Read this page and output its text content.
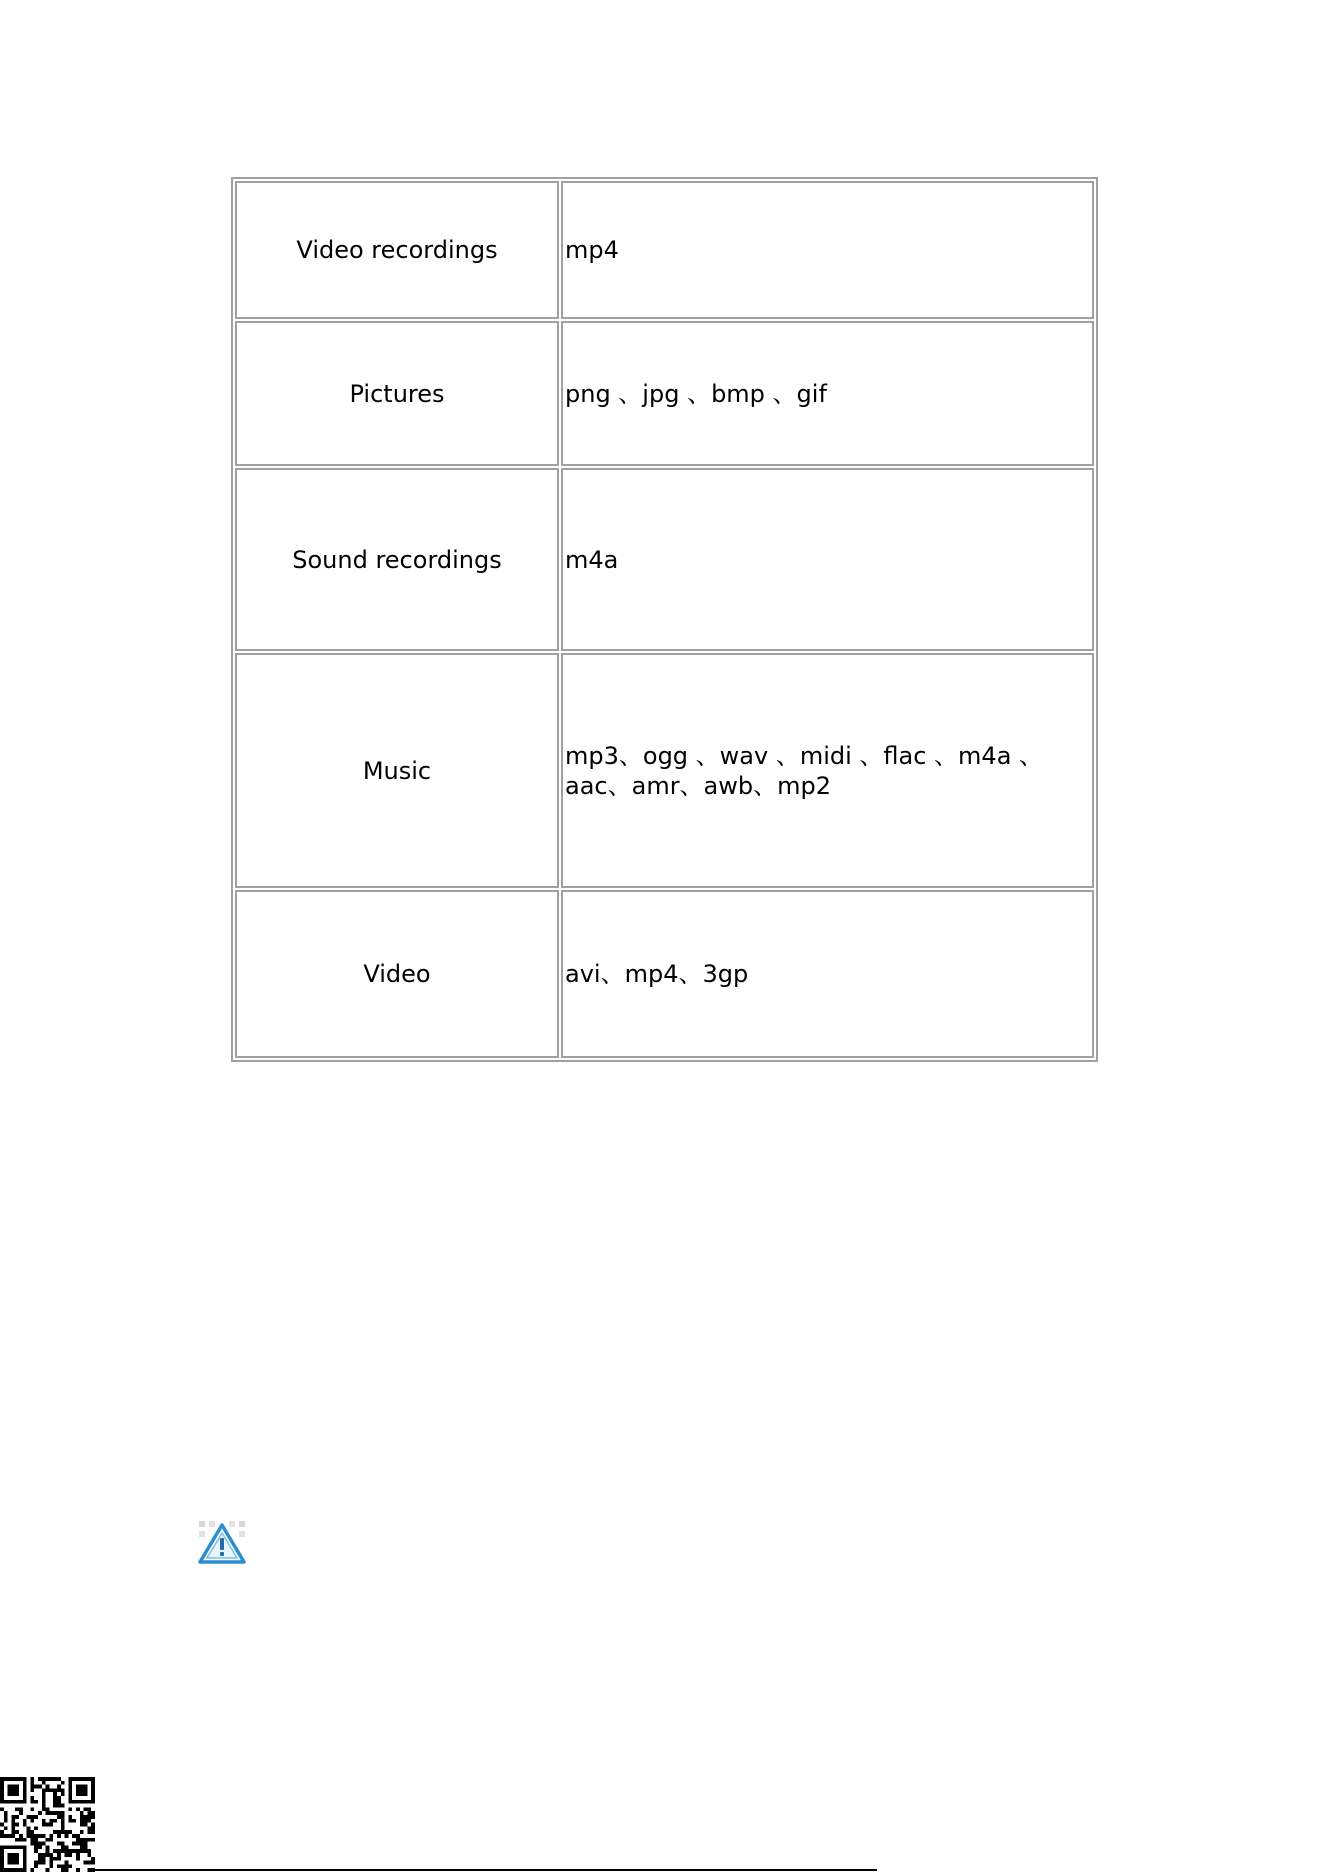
Video recordings	mp4
Pictures	png 、jpg 、bmp 、gif
Sound recordings	m4a
Music	mp3、ogg 、wav 、midi 、flac 、m4a 、aac、amr、awb、mp2
Video	avi、mp4、3gp
